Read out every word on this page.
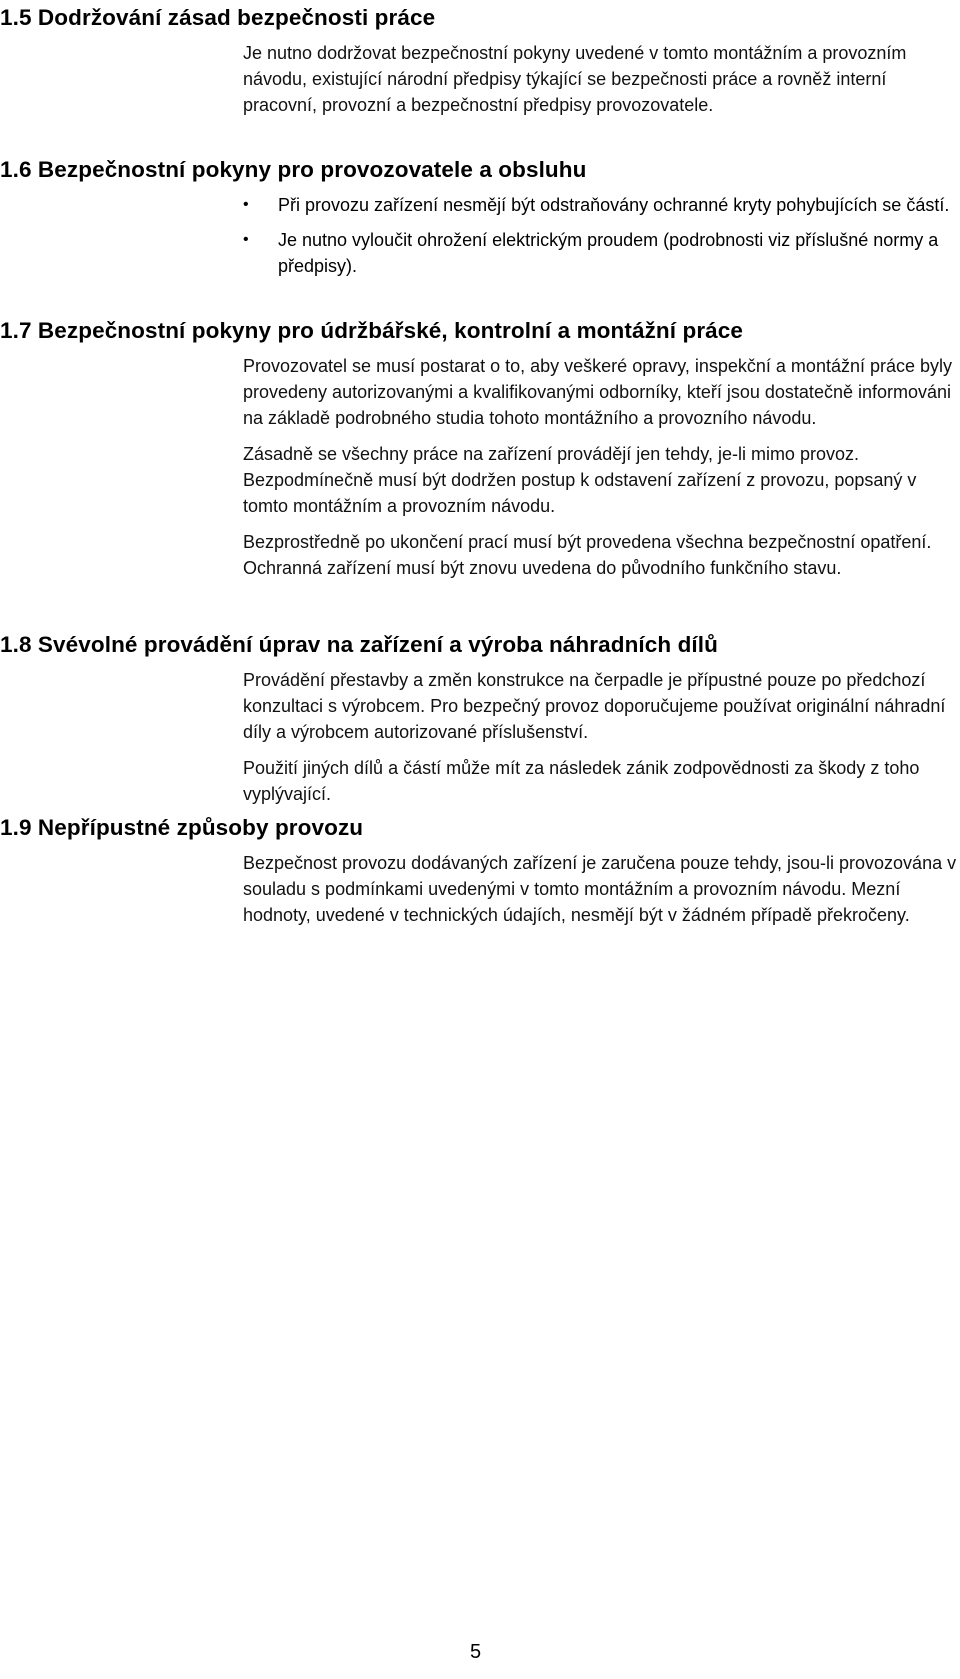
1.5 Dodržování zásad bezpečnosti práce

Je nutno dodržovat bezpečnostní pokyny uvedené v tomto montážním a provozním návodu, existující národní předpisy týkající se bezpečnosti práce a rovněž interní pracovní, provozní a bezpečnostní předpisy provozovatele.

1.6 Bezpečnostní pokyny pro provozovatele a obsluhu
• Při provozu zařízení nesmějí být odstraňovány ochranné kryty pohybujících se částí.
• Je nutno vyloučit ohrožení elektrickým proudem (podrobnosti viz příslušné normy a předpisy).
1.7 Bezpečnostní pokyny pro údržbářské, kontrolní a montážní práce

Provozovatel se musí postarat o to, aby veškeré opravy, inspekční a montážní práce byly provedeny autorizovanými a kvalifikovanými odborníky, kteří jsou dostatečně informováni na základě podrobného studia tohoto montážního a provozního návodu.

Zásadně se všechny práce na zařízení provádějí jen tehdy, je-li mimo provoz. Bezpodmínečně musí být dodržen postup k odstavení zařízení z provozu, popsaný v tomto montážním a provozním návodu.

Bezprostředně po ukončení prací musí být provedena všechna bezpečnostní opatření. Ochranná zařízení musí být znovu uvedena do původního funkčního stavu.

1.8 Svévolné provádění úprav na zařízení a výroba náhradních dílů

Provádění přestavby a změn konstrukce na čerpadle je přípustné pouze po předchozí konzultaci s výrobcem. Pro bezpečný provoz doporučujeme používat originální náhradní díly a výrobcem autorizované příslušenství.

Použití jiných dílů a částí může mít za následek zánik zodpovědnosti za škody z toho vyplývající.

1.9 Nepřípustné způsoby provozu

Bezpečnost provozu dodávaných zařízení je zaručena pouze tehdy, jsou-li provozována v souladu s podmínkami uvedenými v tomto montážním a provozním návodu. Mezní hodnoty, uvedené v technických údajích, nesmějí být v žádném případě překročeny.

5
